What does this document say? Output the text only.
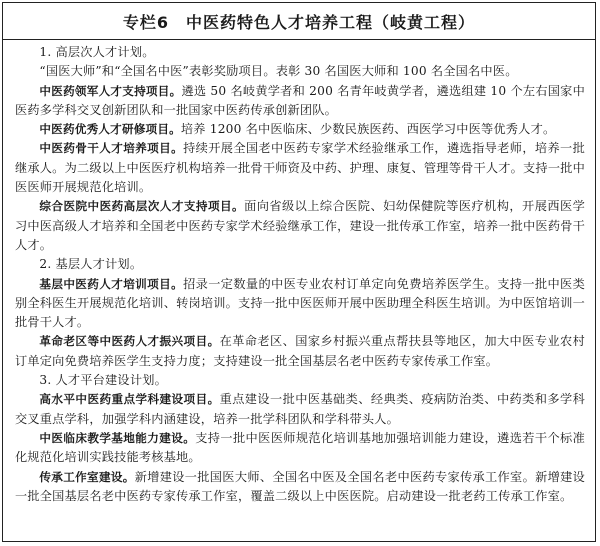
专栏6　中医药特色人才培养工程（岐黄工程）

1. 高层次人才计划。

“国医大师”和“全国名中医”表彰奖励项目。表彰 30 名国医大师和 100 名全国名中医。

中医药领军人才支持项目。遴选 50 名岐黄学者和 200 名青年岐黄学者，遴选组建 10 个左右国家中医药多学科交叉创新团队和一批国家中医药传承创新团队。

中医药优秀人才研修项目。培养 1200 名中医临床、少数民族医药、西医学习中医等优秀人才。

中医药骨干人才培养项目。持续开展全国老中医药专家学术经验继承工作，遴选指导老师，培养一批继承人。为二级以上中医医疗机构培养一批骨干师资及中药、护理、康复、管理等骨干人才。支持一批中医医师开展规范化培训。

综合医院中医药高层次人才支持项目。面向省级以上综合医院、妇幼保健院等医疗机构，开展西医学习中医高级人才培养和全国老中医药专家学术经验继承工作，建设一批传承工作室，培养一批中医药骨干人才。

2. 基层人才计划。

基层中医药人才培训项目。招录一定数量的中医专业农村订单定向免费培养医学生。支持一批中医类别全科医生开展规范化培训、转岗培训。支持一批中医医师开展中医助理全科医生培训。为中医馆培训一批骨干人才。

革命老区等中医药人才振兴项目。在革命老区、国家乡村振兴重点帮扶县等地区，加大中医专业农村订单定向免费培养医学生支持力度；支持建设一批全国基层名老中医药专家传承工作室。

3. 人才平台建设计划。

高水平中医药重点学科建设项目。重点建设一批中医基础类、经典类、疫病防治类、中药类和多学科交叉重点学科，加强学科内涵建设，培养一批学科团队和学科带头人。

中医临床教学基地能力建设。支持一批中医医师规范化培训基地加强培训能力建设，遴选若干个标准化规范化培训实践技能考核基地。

传承工作室建设。新增建设一批国医大师、全国名中医及全国名老中医药专家传承工作室。新增建设一批全国基层名老中医药专家传承工作室，覆盖二级以上中医医院。启动建设一批老药工传承工作室。
